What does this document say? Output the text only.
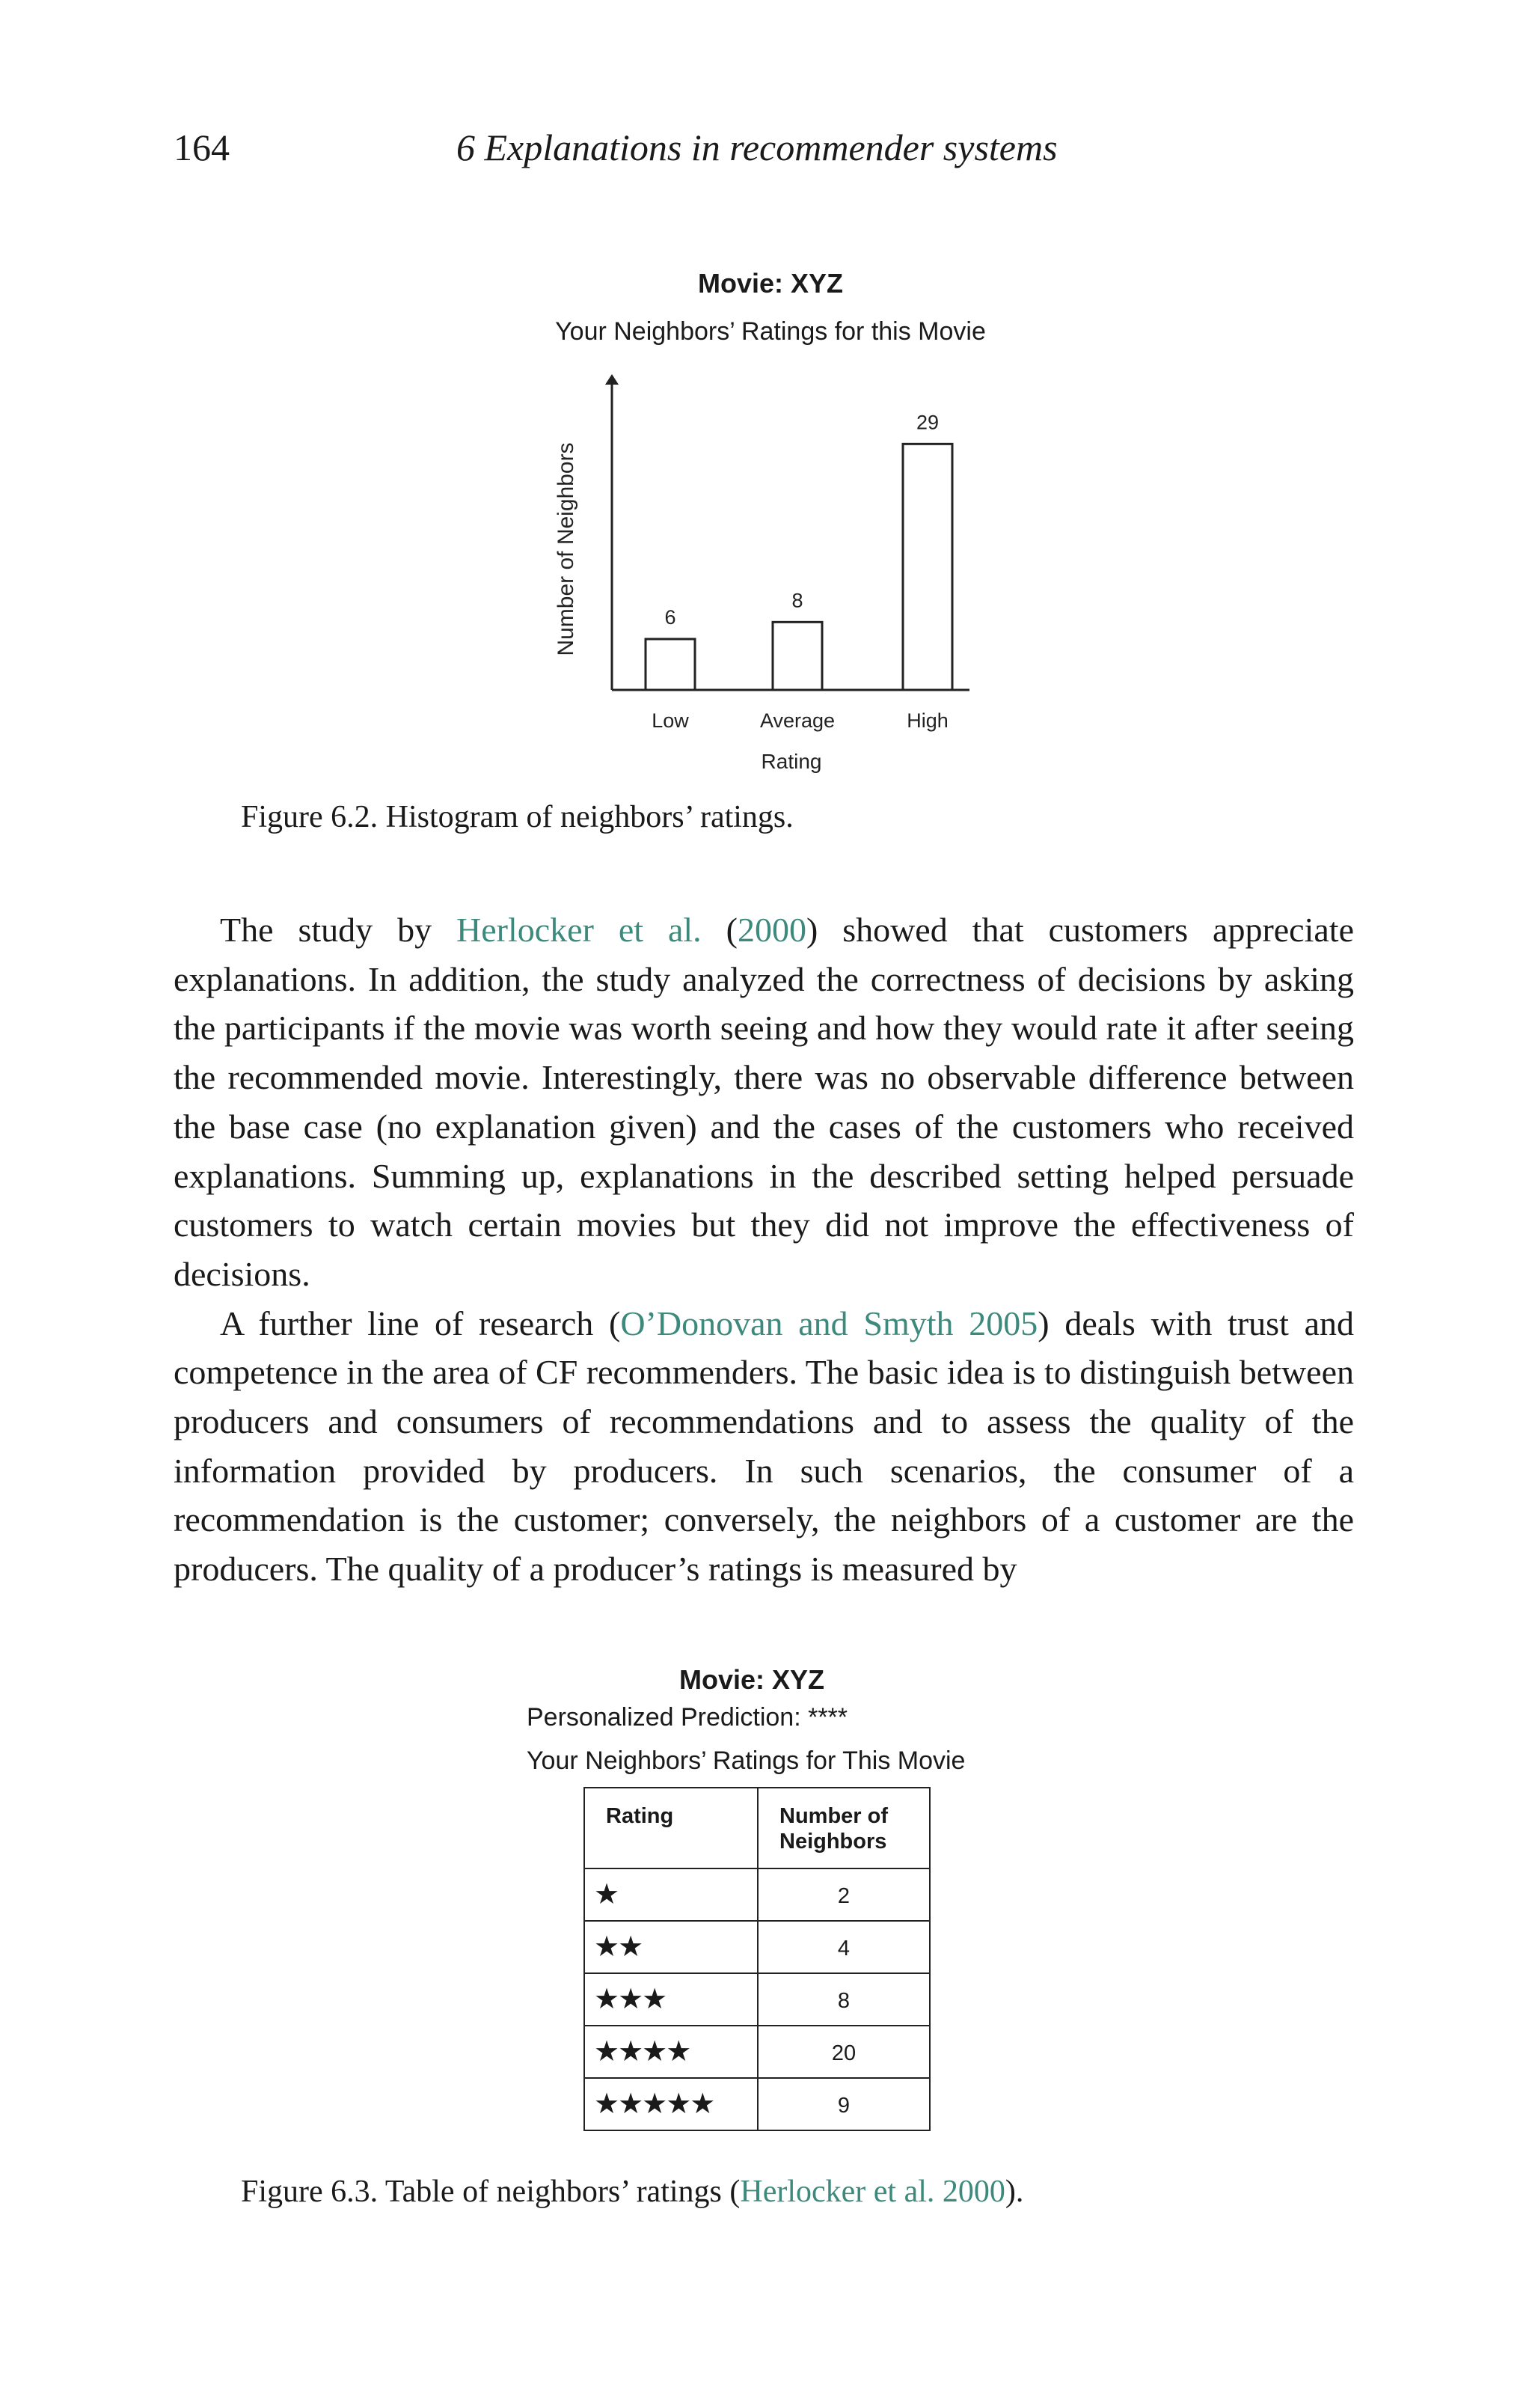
164	6 Explanations in recommender systems
Movie: XYZ
Your Neighbors’ Ratings for this Movie
6
Low
8
Average
29
High
Rating
Number of Neighbors
Figure 6.2. Histogram of neighbors’ ratings.

The study by Herlocker et al. (2000) showed that customers appreciate explanations. In addition, the study analyzed the correctness of decisions by asking the participants if the movie was worth seeing and how they would rate it after seeing the recommended movie. Interestingly, there was no observable difference between the base case (no explanation given) and the cases of the customers who received explanations. Summing up, explanations in the described setting helped persuade customers to watch certain movies but they did not improve the effectiveness of decisions.

A further line of research (O’Donovan and Smyth 2005) deals with trust and competence in the area of CF recommenders. The basic idea is to distinguish between producers and consumers of recommendations and to assess the quality of the information provided by producers. In such scenarios, the consumer of a recommendation is the customer; conversely, the neighbors of a customer are the producers. The quality of a producer’s ratings is measured by

Movie: XYZ
Personalized Prediction: ****
Your Neighbors’ Ratings for This Movie
Rating	Number of
Neighbors
★	2
★★	4
★★★	8
★★★★	20
★★★★★	9
Figure 6.3. Table of neighbors’ ratings (Herlocker et al. 2000).
